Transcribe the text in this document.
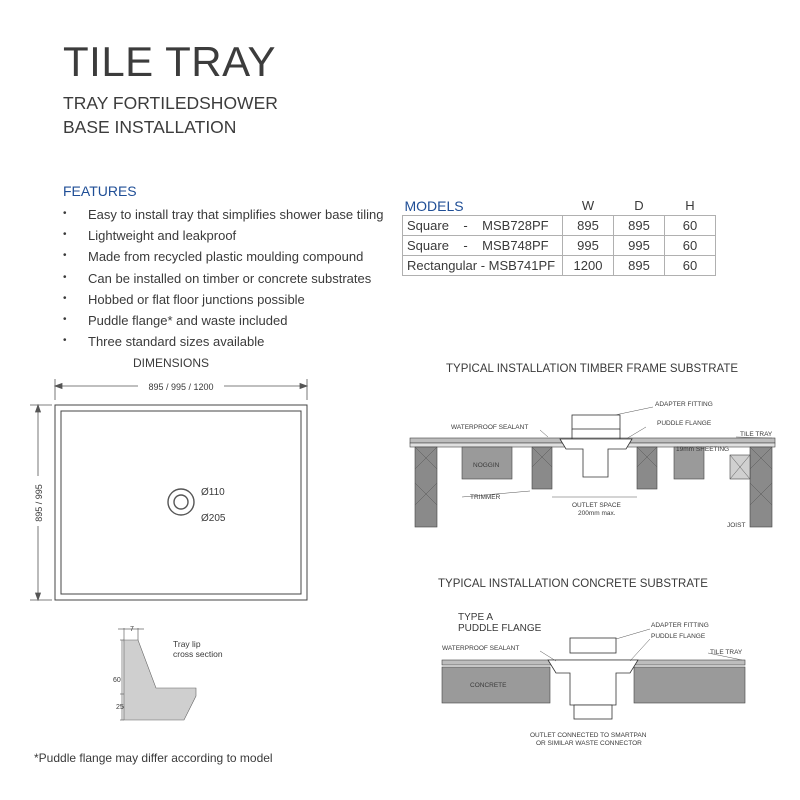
TILE TRAY
TRAY FORTILEDSHOWER
BASE INSTALLATION
FEATURES
• Easy to install tray that simplifies shower base tiling
• Lightweight and leakproof
• Made from recycled plastic moulding compound
• Can be installed on timber or concrete substrates
• Hobbed or flat floor junctions possible
• Puddle flange* and waste included
• Three standard sizes available
MODELS	W	D	H
Square    -    MSB728PF	895	895	60
Square    -    MSB748PF	995	995	60
Rectangular - MSB741PF	1200	895	60
DIMENSIONS
895 / 995 / 1200
895 / 995	Ø110
Ø205
7
60
25
Tray lip
cross section
TYPICAL INSTALLATION TIMBER FRAME SUBSTRATE
ADAPTER FITTING
WATERPROOF SEALANT
PUDDLE FLANGE
TILE TRAY
19mm SHEETING
NOGGIN
TRIMMER
OUTLET SPACE
200mm max.
JOIST
TYPICAL INSTALLATION CONCRETE SUBSTRATE
TYPE A
PUDDLE FLANGE	ADAPTER FITTING
PUDDLE FLANGE
WATERPROOF SEALANT
TILE TRAY
CONCRETE
OUTLET CONNECTED TO SMARTPAN
OR SIMILAR WASTE CONNECTOR
*Puddle flange may differ according to model
